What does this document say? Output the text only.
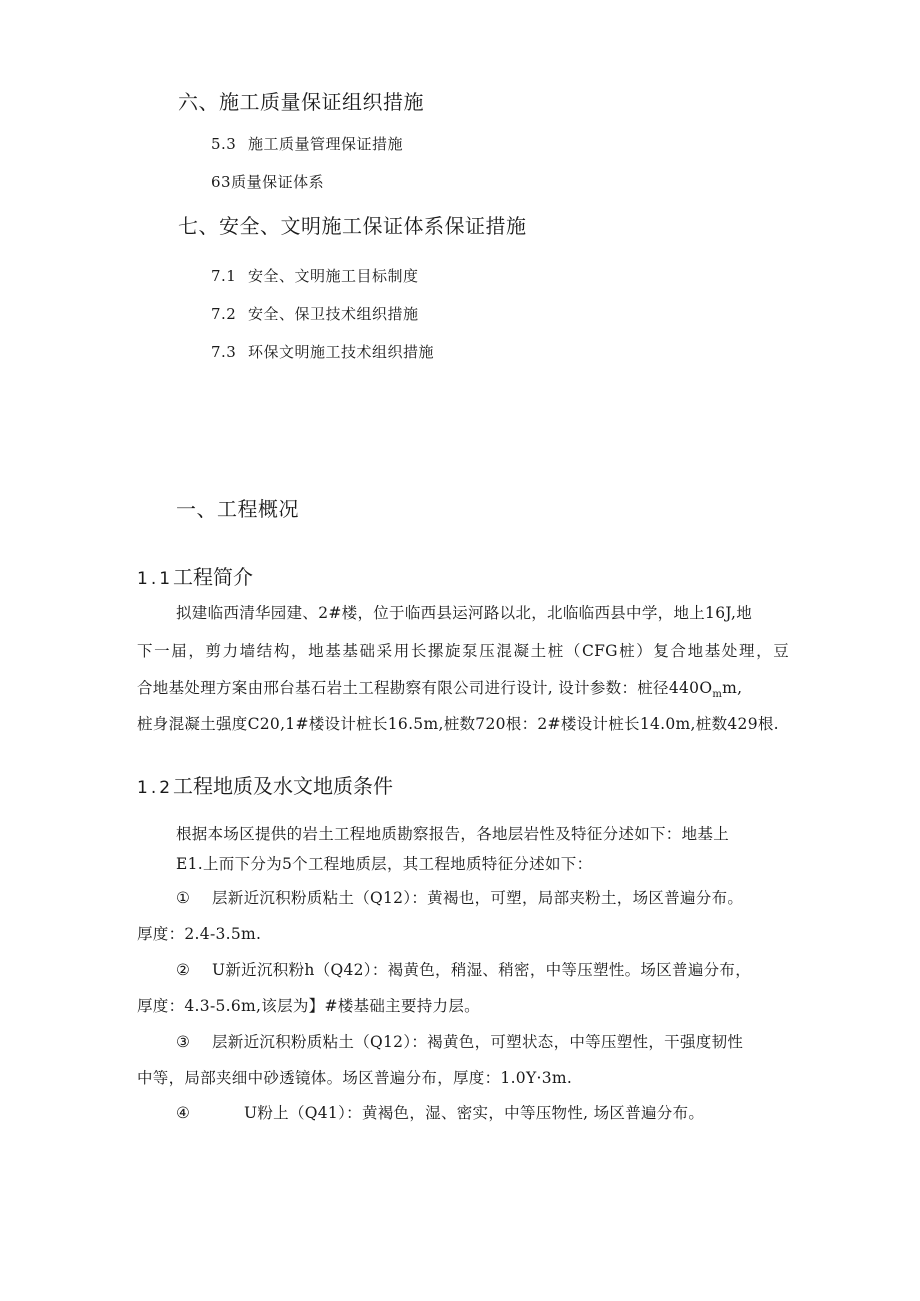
六、施工质量保证组织措施
5.3 施工质量管理保证措施
63质量保证体系
七、安全、文明施工保证体系保证措施
7.1 安全、文明施工目标制度
7.2 安全、保卫技术组织措施
7.3 环保文明施工技术组织措施
一、工程概况
1.1工程简介
拟建临西清华园建、2#楼，位于临西县运河路以北，北临临西县中学，地上16J,地
下一届，剪力墙结构，地基基础采用长摞旋泵压混凝土桩（CFG桩）复合地基处理，豆
合地基处理方案由邢台基石岩土工程勘察有限公司进行设计, 设计参数：桩径$440O_mm$,
桩身混凝土强度C20,1#楼设计桩长16.5m,桩数720根：2#楼设计桩长14.0m,桩数429根.
1.2工程地质及水文地质条件
根据本场区提供的岩土工程地质勘察报告，各地层岩性及特征分述如下：地基上
E1.上而下分为5个工程地质层，其工程地质特征分述如下：
① 层新近沉积粉质粘土（Q12）：黄褐也，可塑，局部夹粉土，场区普遍分布。
厚度：2.4-3.5m.
② U新近沉积粉h（Q42）：褐黄色，稍湿、稍密，中等压塑性。场区普遍分布，
厚度：4.3-5.6m,该层为】#楼基础主要持力层。
③ 层新近沉积粉质粘土（Q12）：褐黄色，可塑状态，中等压塑性，干强度韧性
中等，局部夹细中砂透镜体。场区普遍分布，厚度：1.0Y·3m.
④	U粉上（Q41）：黄褐色，湿、密实，中等压物性, 场区普遍分布。
